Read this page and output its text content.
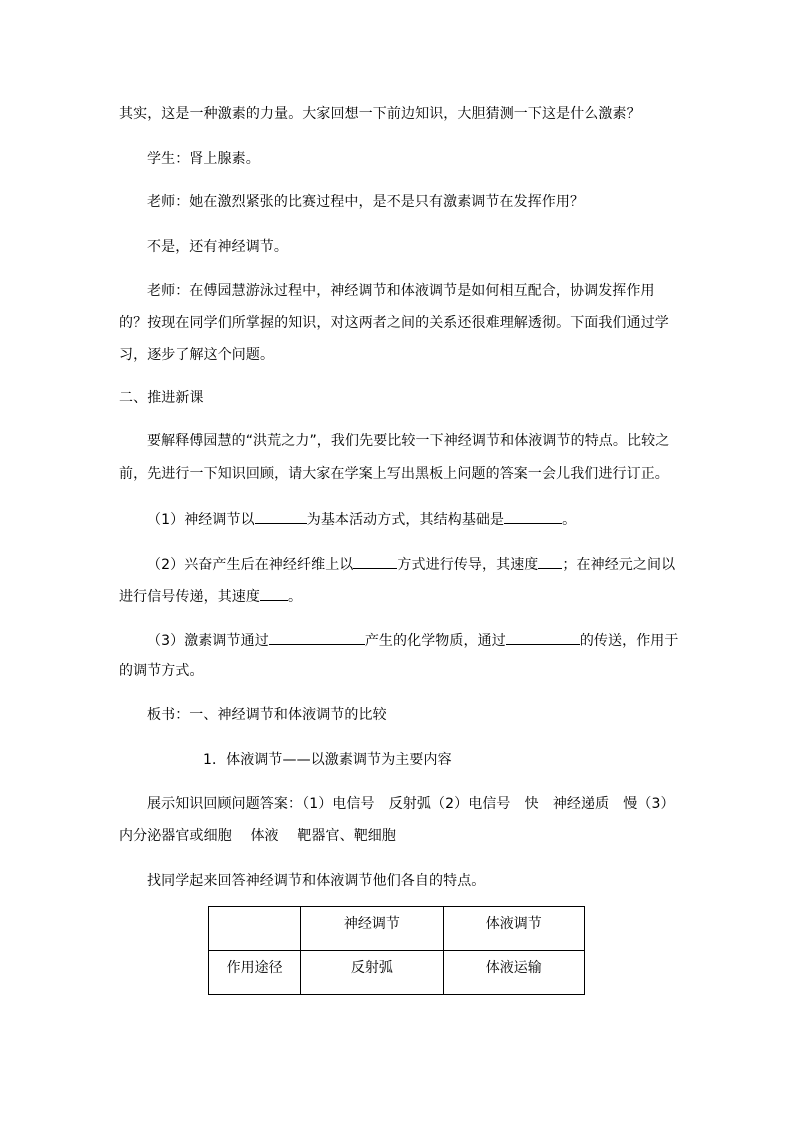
其实，这是一种激素的力量。大家回想一下前边知识，大胆猜测一下这是什么激素？
学生：肾上腺素。
老师：她在激烈紧张的比赛过程中，是不是只有激素调节在发挥作用？
不是，还有神经调节。
老师：在傅园慧游泳过程中，神经调节和体液调节是如何相互配合，协调发挥作用
的？按现在同学们所掌握的知识，对这两者之间的关系还很难理解透彻。下面我们通过学
习，逐步了解这个问题。
二、推进新课
要解释傅园慧的“洪荒之力”，我们先要比较一下神经调节和体液调节的特点。比较之
前，先进行一下知识回顾，请大家在学案上写出黑板上问题的答案一会儿我们进行订正。
（1）神经调节以	为基本活动方式，其结构基础是	。
（2）兴奋产生后在神经纤维上以	方式进行传导，其速度 ；在神经元之间以
进行信号传递，其速度 。
（3）激素调节通过	产生的化学物质，通过	的传送，作用于
的调节方式。
板书：一、神经调节和体液调节的比较
1．体液调节——以激素调节为主要内容
展示知识回顾问题答案：（1）电信号　反射弧（2）电信号　快　神经递质　慢（3）
内分泌器官或细胞　 体液　 靶器官、靶细胞
找同学起来回答神经调节和体液调节他们各自的特点。
	神经调节	体液调节
作用途径	反射弧	体液运输
